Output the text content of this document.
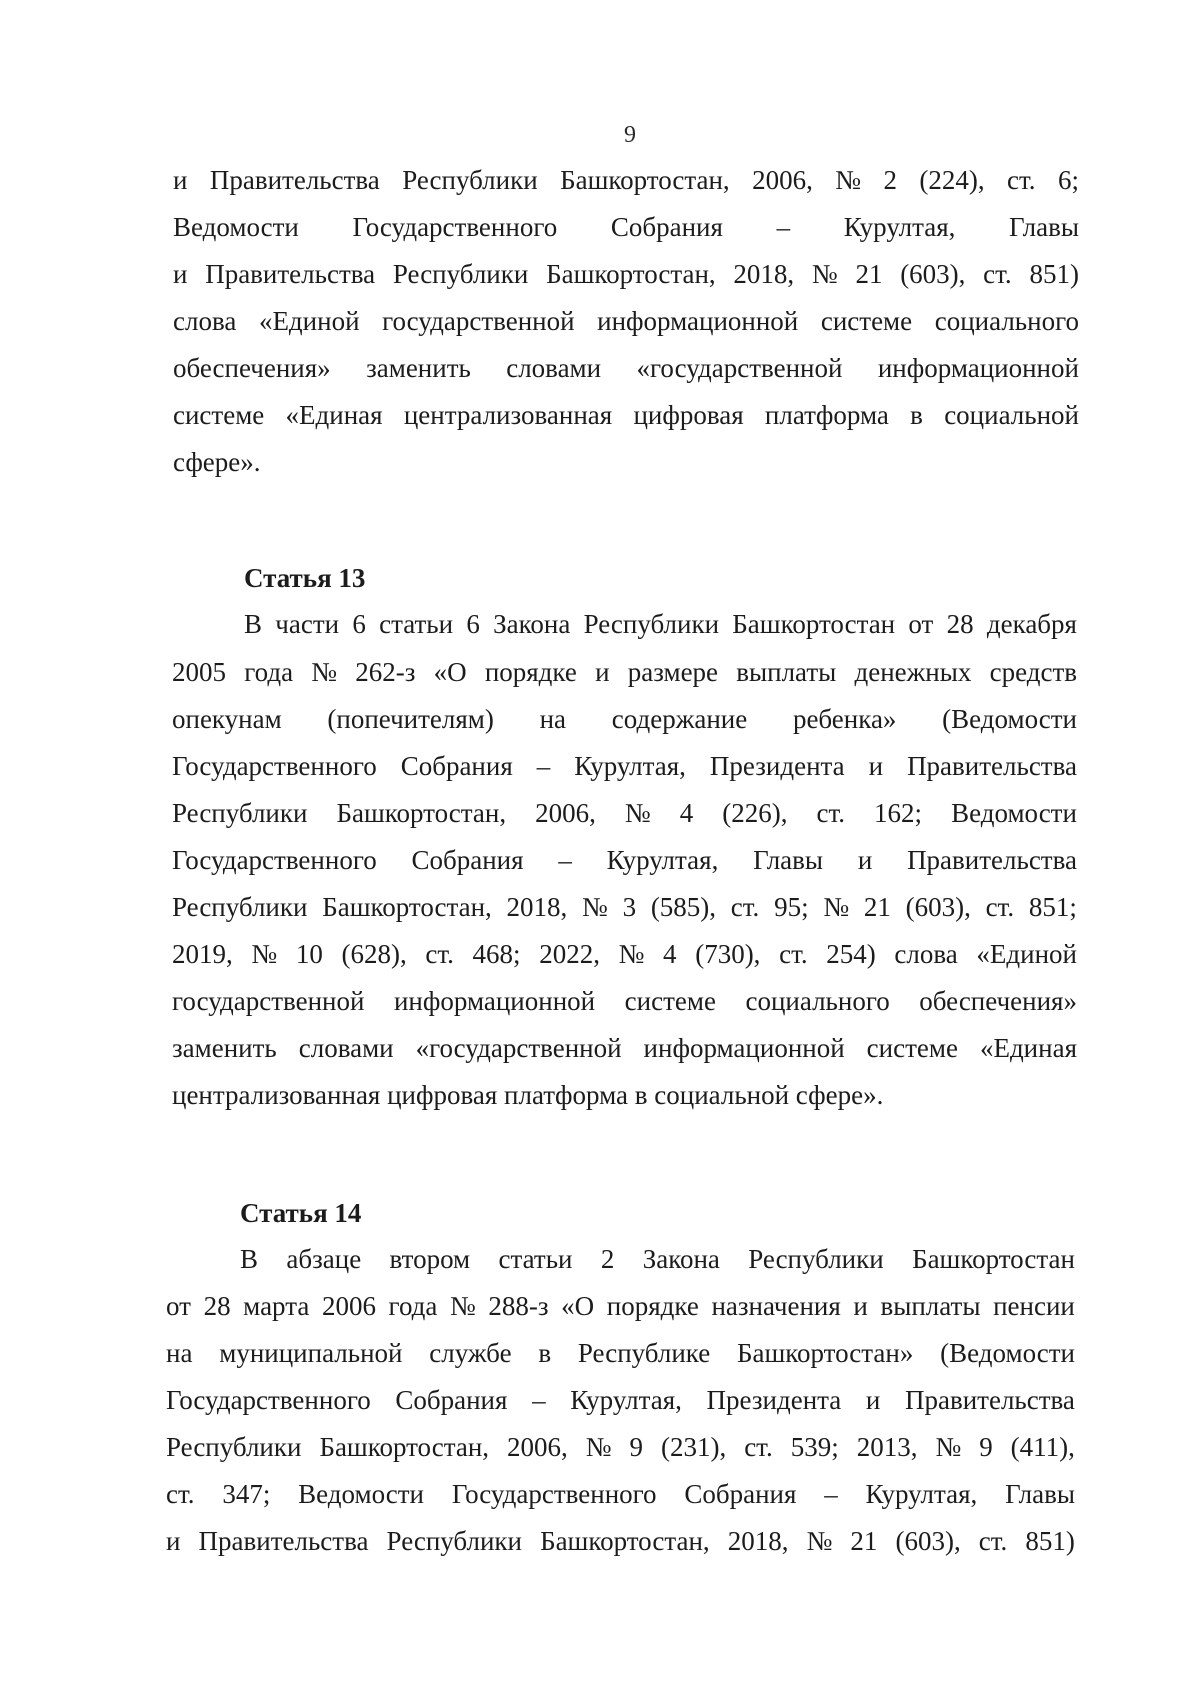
9
и Правительства Республики Башкортостан, 2006, № 2 (224), ст. 6;
Ведомости Государственного Собрания – Курултая, Главы
и Правительства Республики Башкортостан, 2018, № 21 (603), ст. 851)
слова «Единой государственной информационной системе социального
обеспечения» заменить словами «государственной информационной
системе «Единая централизованная цифровая платформа в социальной
сфере».
Статья 13
В части 6 статьи 6 Закона Республики Башкортостан от 28 декабря
2005 года № 262-з «О порядке и размере выплаты денежных средств
опекунам (попечителям) на содержание ребенка» (Ведомости
Государственного Собрания – Курултая, Президента и Правительства
Республики Башкортостан, 2006, № 4 (226), ст. 162; Ведомости
Государственного Собрания – Курултая, Главы и Правительства
Республики Башкортостан, 2018, № 3 (585), ст. 95; № 21 (603), ст. 851;
2019, № 10 (628), ст. 468; 2022, № 4 (730), ст. 254) слова «Единой
государственной информационной системе социального обеспечения»
заменить словами «государственной информационной системе «Единая
централизованная цифровая платформа в социальной сфере».
Статья 14
В абзаце втором статьи 2 Закона Республики Башкортостан
от 28 марта 2006 года № 288-з «О порядке назначения и выплаты пенсии
на муниципальной службе в Республике Башкортостан» (Ведомости
Государственного Собрания – Курултая, Президента и Правительства
Республики Башкортостан, 2006, № 9 (231), ст. 539; 2013, № 9 (411),
ст. 347; Ведомости Государственного Собрания – Курултая, Главы
и Правительства Республики Башкортостан, 2018, № 21 (603), ст. 851)
